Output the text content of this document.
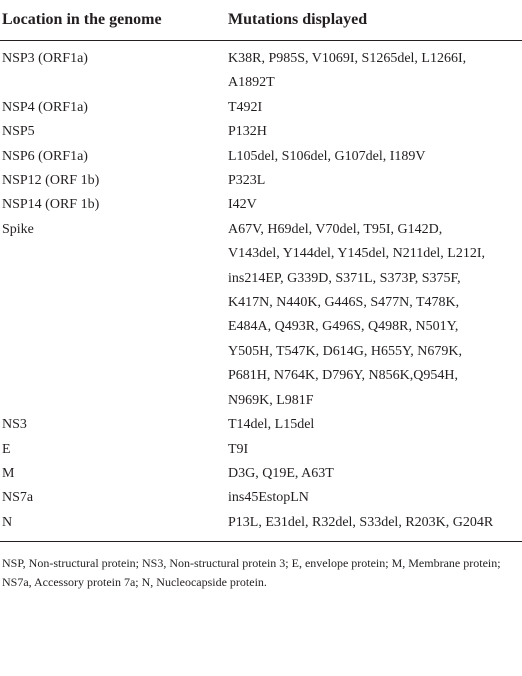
Location in the genome	Mutations displayed
NSP3 (ORF1a)	K38R, P985S, V1069I, S1265del, L1266I,
A1892T
NSP4 (ORF1a)	T492I
NSP5	P132H
NSP6 (ORF1a)	L105del, S106del, G107del, I189V
NSP12 (ORF 1b)	P323L
NSP14 (ORF 1b)	I42V
Spike	A67V, H69del, V70del, T95I, G142D,
V143del, Y144del, Y145del, N211del, L212I,
ins214EP, G339D, S371L, S373P, S375F,
K417N, N440K, G446S, S477N, T478K,
E484A, Q493R, G496S, Q498R, N501Y,
Y505H, T547K, D614G, H655Y, N679K,
P681H, N764K, D796Y, N856K,Q954H,
N969K, L981F
NS3	T14del, L15del
E	T9I
M	D3G, Q19E, A63T
NS7a	ins45EstopLN
N	P13L, E31del, R32del, S33del, R203K, G204R
NSP, Non-structural protein; NS3, Non-structural protein 3; E, envelope protein; M, Membrane protein; NS7a, Accessory protein 7a; N, Nucleocapside protein.
